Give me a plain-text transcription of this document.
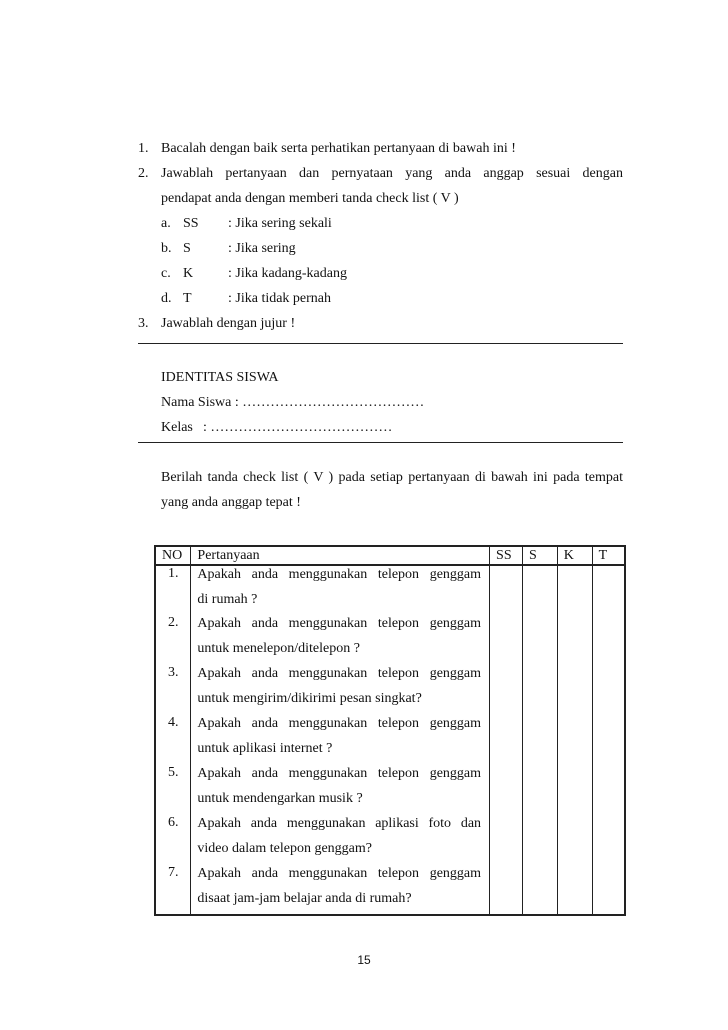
1. Bacalah dengan baik serta perhatikan pertanyaan di bawah ini !
2. Jawablah pertanyaan dan pernyataan yang anda anggap sesuai dengan
pendapat anda dengan memberi tanda check list ( V )
a. SS : Jika sering sekali
b. S	: Jika sering
c. K : Jika kadang-kadang
d. T	: Jika tidak pernah
3. Jawablah dengan jujur !
IDENTITAS SISWA
Nama Siswa : …………………………………
Kelas : …………………………………
Berilah tanda check list ( V ) pada setiap pertanyaan di bawah ini pada tempat
yang anda anggap tepat !
NO	Pertanyaan	SS	S	K	T
1.	Apakah anda menggunakan telepon genggam
di rumah ?				

2.	Apakah anda menggunakan telepon genggam
untuk menelepon/ditelepon ?				

3.	Apakah anda menggunakan telepon genggam
untuk mengirim/dikirimi pesan singkat?				

4.	Apakah anda menggunakan telepon genggam
untuk aplikasi internet ?				

5.	Apakah anda menggunakan telepon genggam
untuk mendengarkan musik ?				

6.	Apakah anda menggunakan aplikasi foto dan
video dalam telepon genggam?				

7.	Apakah anda menggunakan telepon genggam
disaat jam-jam belajar anda di rumah?				

15
